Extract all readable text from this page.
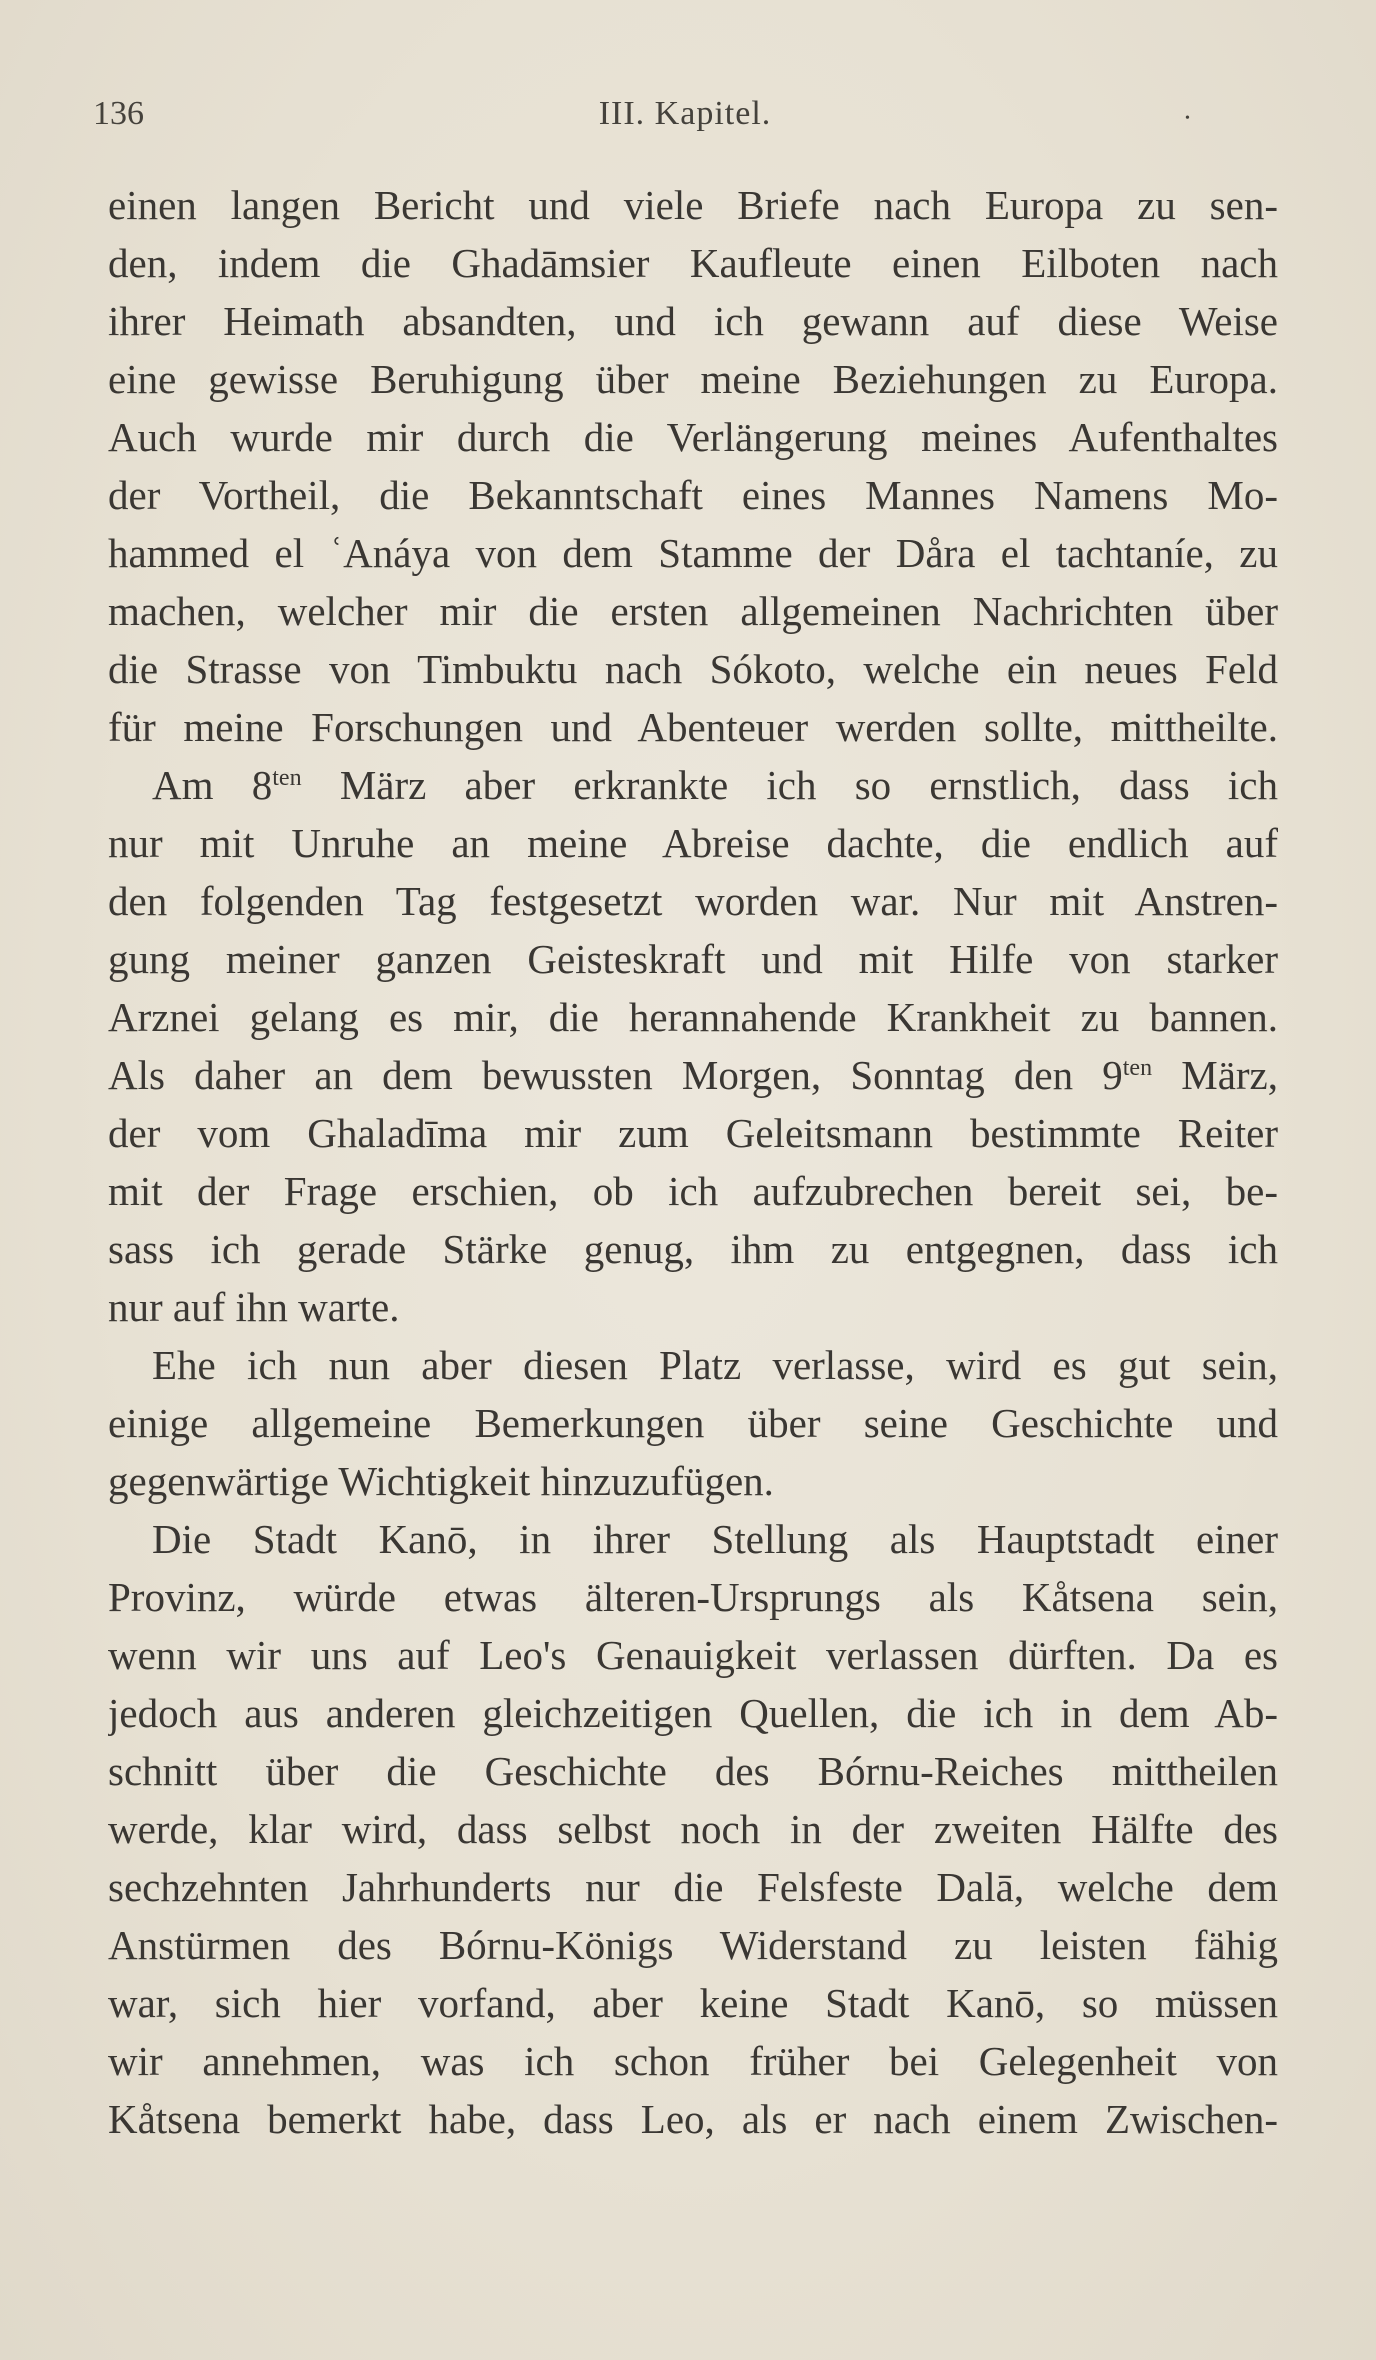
136	III. Kapitel.	•
einen langen Bericht und viele Briefe nach Europa zu sen-
den, indem die Ghadāmsier Kaufleute einen Eilboten nach
ihrer Heimath absandten, und ich gewann auf diese Weise
eine gewisse Beruhigung über meine Beziehungen zu Europa.
Auch wurde mir durch die Verlängerung meines Aufenthaltes
der Vortheil, die Bekanntschaft eines Mannes Namens Mo-
hammed el ʿAnáya von dem Stamme der Dåra el tachtaníe, zu
machen, welcher mir die ersten allgemeinen Nachrichten über
die Strasse von Timbuktu nach Sókoto, welche ein neues Feld
für meine Forschungen und Abenteuer werden sollte, mittheilte.
Am $8^{ten}$ März aber erkrankte ich so ernstlich, dass ich
nur mit Unruhe an meine Abreise dachte, die endlich auf
den folgenden Tag festgesetzt worden war. Nur mit Anstren-
gung meiner ganzen Geisteskraft und mit Hilfe von starker
Arznei gelang es mir, die herannahende Krankheit zu bannen.
Als daher an dem bewussten Morgen, Sonntag den $9^{ten}$ März,
der vom Ghaladīma mir zum Geleitsmann bestimmte Reiter
mit der Frage erschien, ob ich aufzubrechen bereit sei, be-
sass ich gerade Stärke genug, ihm zu entgegnen, dass ich
nur auf ihn warte.
Ehe ich nun aber diesen Platz verlasse, wird es gut sein,
einige allgemeine Bemerkungen über seine Geschichte und
gegenwärtige Wichtigkeit hinzuzufügen.
Die Stadt Kanō, in ihrer Stellung als Hauptstadt einer
Provinz, würde etwas älteren-Ursprungs als Kåtsena sein,
wenn wir uns auf Leo's Genauigkeit verlassen dürften. Da es
jedoch aus anderen gleichzeitigen Quellen, die ich in dem Ab-
schnitt über die Geschichte des Bórnu-Reiches mittheilen
werde, klar wird, dass selbst noch in der zweiten Hälfte des
sechzehnten Jahrhunderts nur die Felsfeste Dalā, welche dem
Anstürmen des Bórnu-Königs Widerstand zu leisten fähig
war, sich hier vorfand, aber keine Stadt Kanō, so müssen
wir annehmen, was ich schon früher bei Gelegenheit von
Kåtsena bemerkt habe, dass Leo, als er nach einem Zwischen-
